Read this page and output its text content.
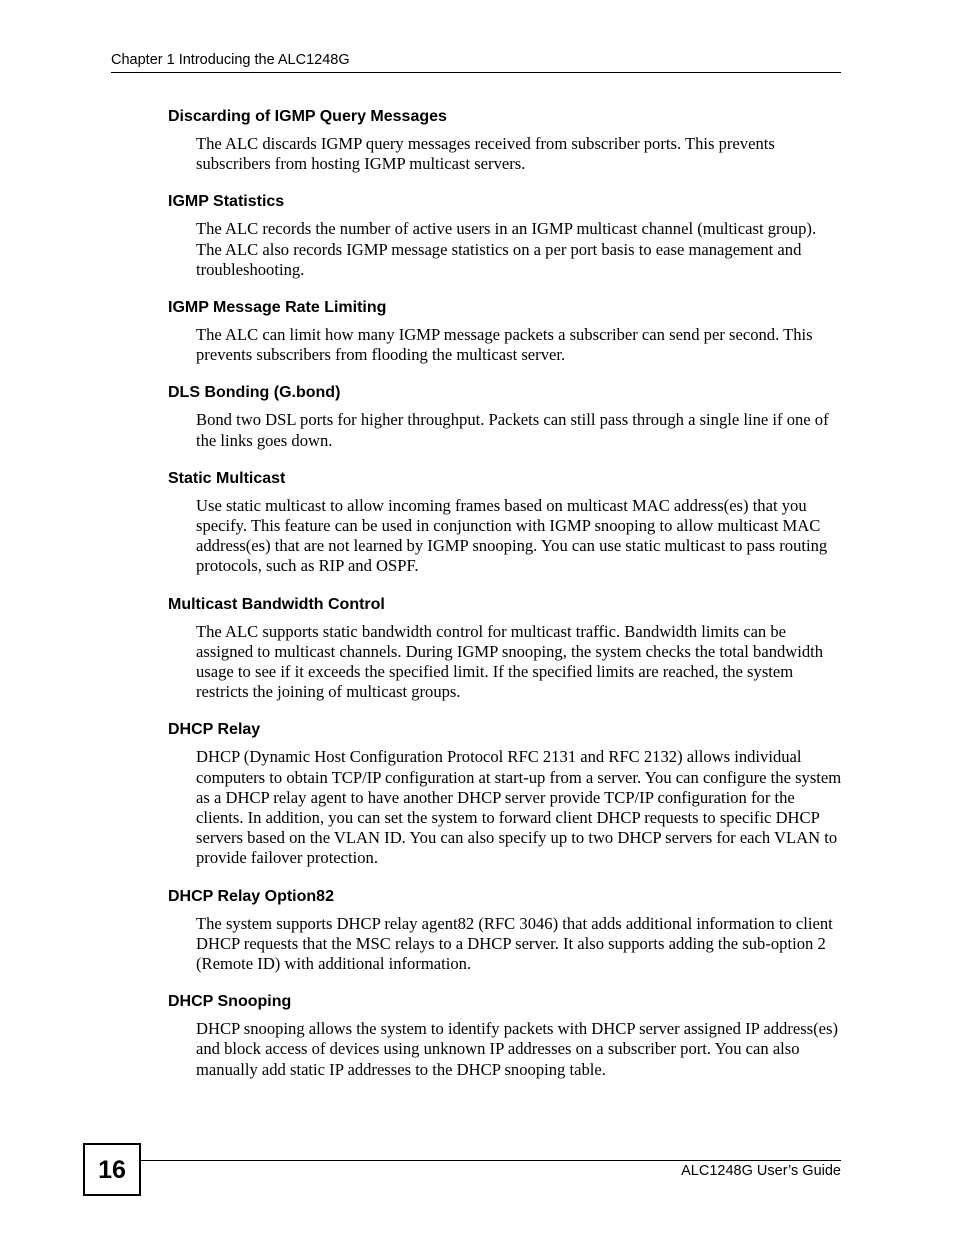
Chapter 1 Introducing the ALC1248G
Discarding of IGMP Query Messages

The ALC discards IGMP query messages received from subscriber ports. This prevents subscribers from hosting IGMP multicast servers.

IGMP Statistics

The ALC records the number of active users in an IGMP multicast channel (multicast group). The ALC also records IGMP message statistics on a per port basis to ease management and troubleshooting.

IGMP Message Rate Limiting

The ALC can limit how many IGMP message packets a subscriber can send per second. This prevents subscribers from flooding the multicast server.

DLS Bonding (G.bond)

Bond two DSL ports for higher throughput. Packets can still pass through a single line if one of the links goes down.

Static Multicast

Use static multicast to allow incoming frames based on multicast MAC address(es) that you specify. This feature can be used in conjunction with IGMP snooping to allow multicast MAC address(es) that are not learned by IGMP snooping. You can use static multicast to pass routing protocols, such as RIP and OSPF.

Multicast Bandwidth Control

The ALC supports static bandwidth control for multicast traffic. Bandwidth limits can be assigned to multicast channels. During IGMP snooping, the system checks the total bandwidth usage to see if it exceeds the specified limit. If the specified limits are reached, the system restricts the joining of multicast groups.

DHCP Relay

DHCP (Dynamic Host Configuration Protocol RFC 2131 and RFC 2132) allows individual computers to obtain TCP/IP configuration at start-up from a server. You can configure the system as a DHCP relay agent to have another DHCP server provide TCP/IP configuration for the clients. In addition, you can set the system to forward client DHCP requests to specific DHCP servers based on the VLAN ID. You can also specify up to two DHCP servers for each VLAN to provide failover protection.

DHCP Relay Option82

The system supports DHCP relay agent82 (RFC 3046) that adds additional information to client DHCP requests that the MSC relays to a DHCP server. It also supports adding the sub-option 2 (Remote ID) with additional information.

DHCP Snooping

DHCP snooping allows the system to identify packets with DHCP server assigned IP address(es) and block access of devices using unknown IP addresses on a subscriber port. You can also manually add static IP addresses to the DHCP snooping table.

16	ALC1248G User’s Guide
